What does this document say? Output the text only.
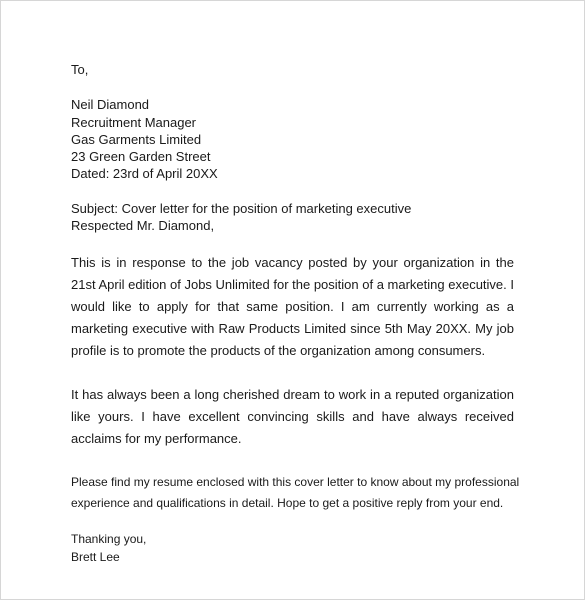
To,
Neil Diamond
Recruitment Manager
Gas Garments Limited
23 Green Garden Street
Dated: 23rd of April 20XX
Subject: Cover letter for the position of marketing executive
Respected Mr. Diamond,

This is in response to the job vacancy posted by your organization in the 21st April edition of Jobs Unlimited for the position of a marketing executive. I would like to apply for that same position. I am currently working as a marketing executive with Raw Products Limited since 5th May 20XX. My job profile is to promote the products of the organization among consumers.

It has always been a long cherished dream to work in a reputed organization like yours. I have excellent convincing skills and have always received acclaims for my performance.

Please find my resume enclosed with this cover letter to know about my professional
experience and qualifications in detail. Hope to get a positive reply from your end.
Thanking you,
Brett Lee
